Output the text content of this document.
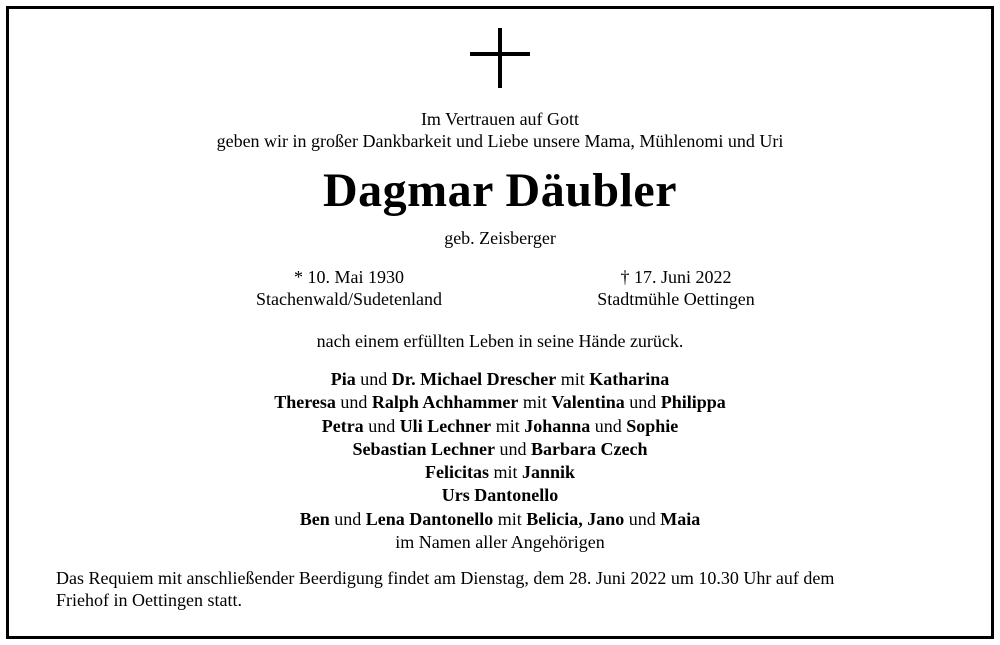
Im Vertrauen auf Gott
geben wir in großer Dankbarkeit und Liebe unsere Mama, Mühlenomi und Uri
Dagmar Däubler
geb. Zeisberger
* 10. Mai 1930
Stachenwald/Sudetenland
† 17. Juni 2022
Stadtmühle Oettingen
nach einem erfüllten Leben in seine Hände zurück.
Pia und Dr. Michael Drescher mit Katharina
Theresa und Ralph Achhammer mit Valentina und Philippa
Petra und Uli Lechner mit Johanna und Sophie
Sebastian Lechner und Barbara Czech
Felicitas mit Jannik
Urs Dantonello
Ben und Lena Dantonello mit Belicia, Jano und Maia
im Namen aller Angehörigen
Das Requiem mit anschließender Beerdigung findet am Dienstag, dem 28. Juni 2022 um 10.30 Uhr auf dem
Friehof in Oettingen statt.
